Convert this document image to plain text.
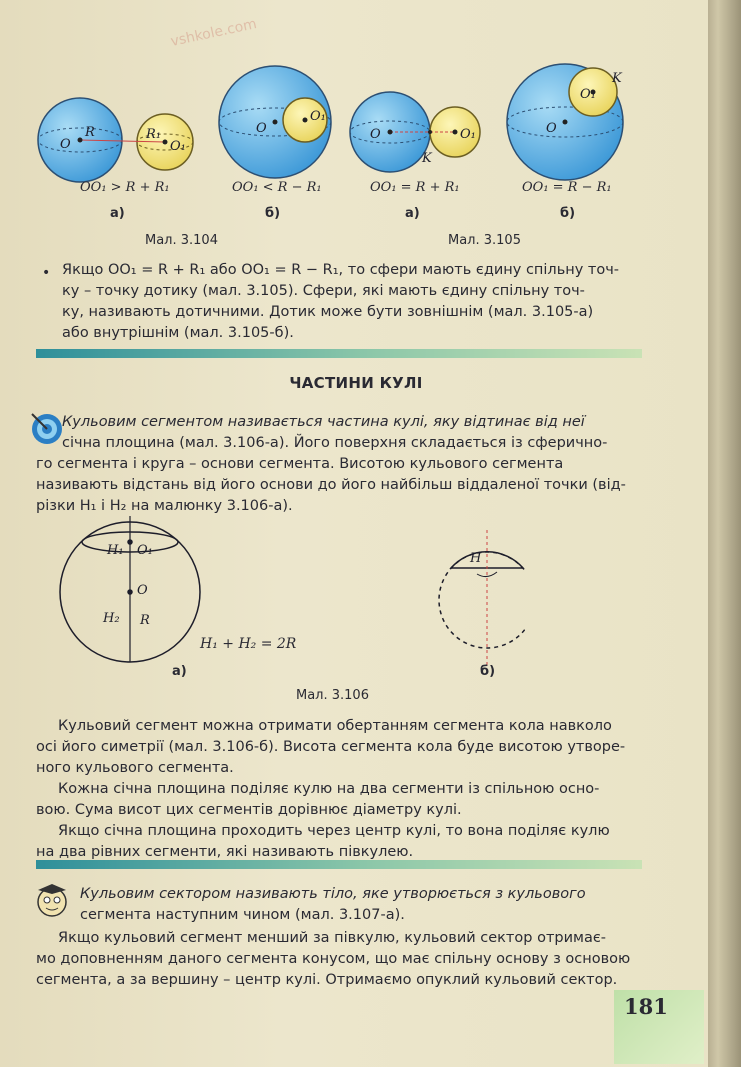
vshkole.com
O
R	R₁
O₁
O
O₁
O	O₁
K
O
O₁
K
OO₁ > R + R₁	OO₁ < R − R₁	OO₁ = R + R₁	OO₁ = R − R₁
а)	б)	а)	б)
Мал. 3.104	Мал. 3.105
• Якщо OO₁ = R + R₁ або OO₁ = R − R₁, то сфери мають єдину спільну точ-
ку – точку дотику (мал. 3.105). Сфери, які мають єдину спільну точ-
ку, називають дотичними. Дотик може бути зовнішнім (мал. 3.105-а)
або внутрішнім (мал. 3.105-б).
ЧАСТИНИ КУЛІ
Кульовим сегментом називається частина кулі, яку відтинає від неї
січна площина (мал. 3.106-а). Його поверхня складається із сферично-
го сегмента і круга – основи сегмента. Висотою кульового сегмента
називають відстань від його основи до його найбільш віддаленої точки (від-
різки H₁ і H₂ на малюнку 3.106-а).
H₁ O₁
O
H₂ R
H
H₁ + H₂ = 2R
а)	б)
Мал. 3.106
Кульовий сегмент можна отримати обертанням сегмента кола навколо
осі його симетрії (мал. 3.106-б). Висота сегмента кола буде висотою утворе-
ного кульового сегмента.
Кожна січна площина поділяє кулю на два сегменти із спільною осно-
вою. Сума висот цих сегментів дорівнює діаметру кулі.
Якщо січна площина проходить через центр кулі, то вона поділяє кулю
на два рівних сегменти, які називають півкулею.
Кульовим сектором називають тіло, яке утворюється з кульового
сегмента наступним чином (мал. 3.107-а).
Якщо кульовий сегмент менший за півкулю, кульовий сектор отримає-
мо доповненням даного сегмента конусом, що має спільну основу з основою
сегмента, а за вершину – центр кулі. Отримаємо опуклий кульовий сектор.
181
